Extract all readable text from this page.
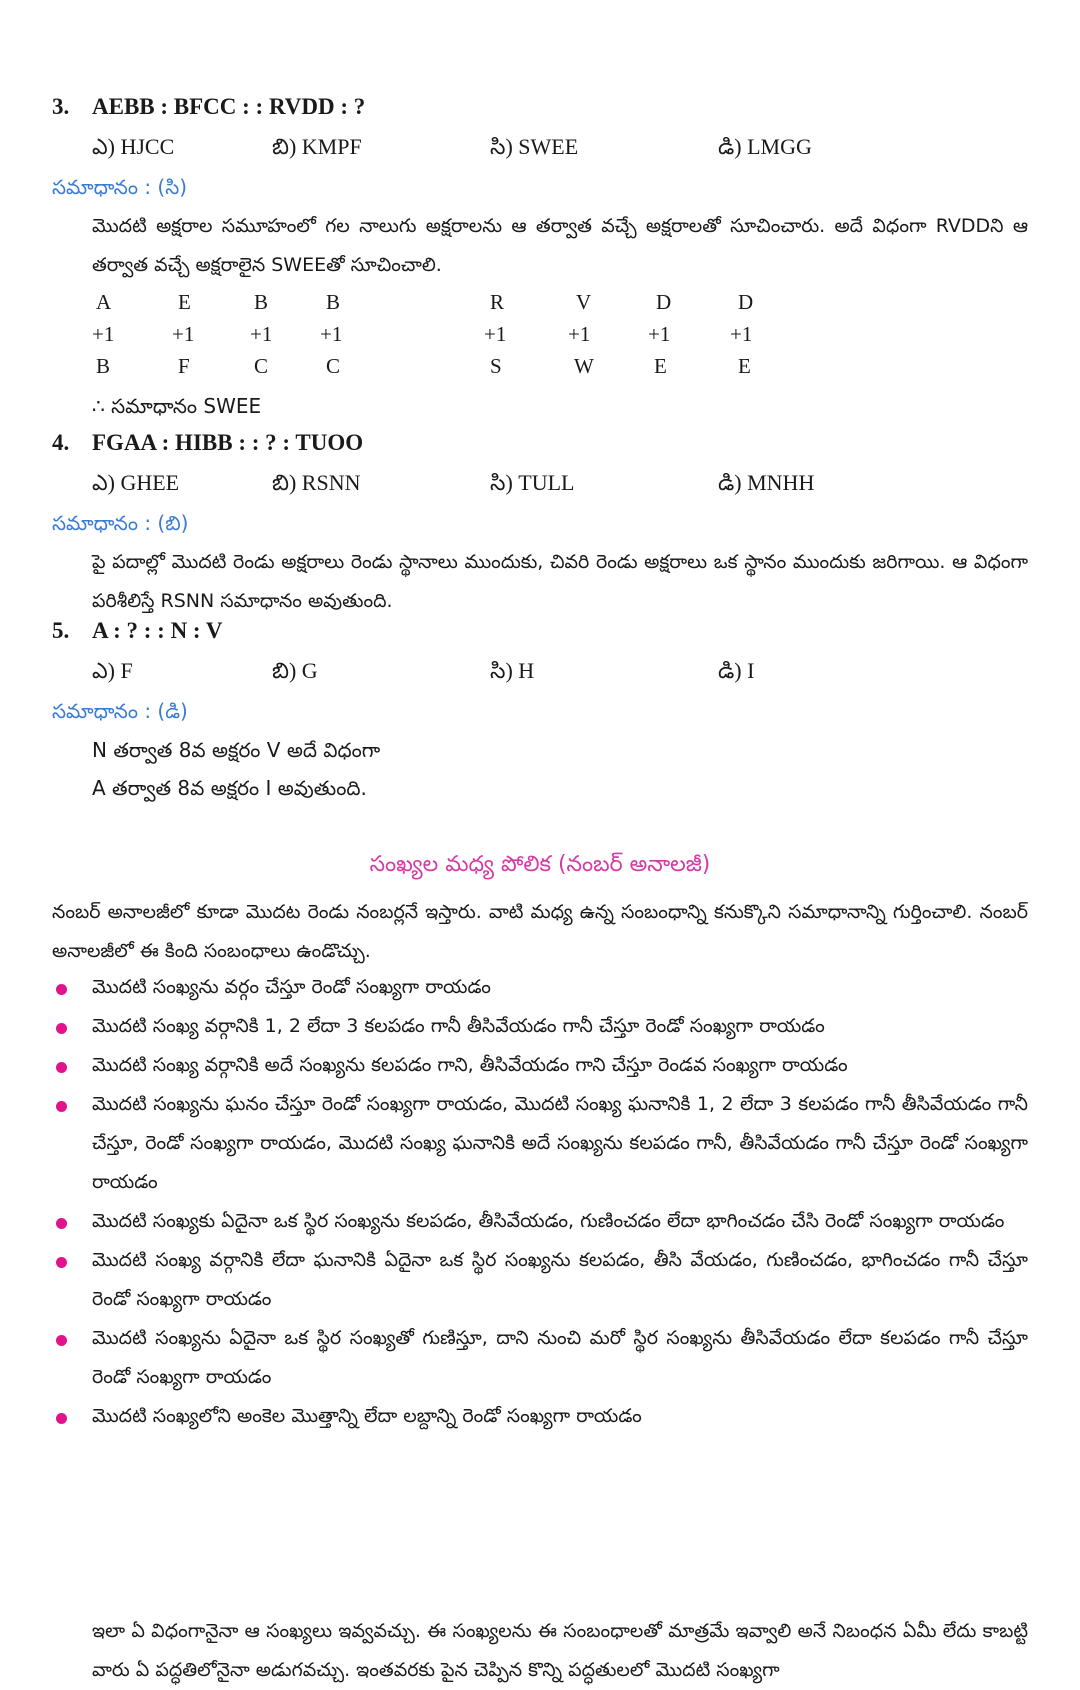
3. AEBB : BFCC : : RVDD : ?
ఎ) HJCC	బి) KMPF	సి) SWEE	డి) LMGG
సమాధానం : (సి)
మొదటి అక్షరాల సమూహంలో గల నాలుగు అక్షరాలను ఆ తర్వాత వచ్చే అక్షరాలతో సూచించారు. అదే విధంగా RVDDని ఆ తర్వాత వచ్చే అక్షరాలైన SWEEతో సూచించాలి.
A	E	B	B	R	V	D	D
+1	+1	+1	+1	+1	+1	+1	+1
B	F	C	C	S	W	E	E
∴ సమాధానం SWEE
4. FGAA : HIBB : : ? : TUOO
ఎ) GHEE	బి) RSNN	సి) TULL	డి) MNHH
సమాధానం : (బి)
పై పదాల్లో మొదటి రెండు అక్షరాలు రెండు స్థానాలు ముందుకు, చివరి రెండు అక్షరాలు ఒక స్థానం ముందుకు జరిగాయి. ఆ విధంగా పరిశీలిస్తే RSNN సమాధానం అవుతుంది.
5. A : ? : : N : V
ఎ) F	బి) G	సి) H	డి) I
సమాధానం : (డి)
N తర్వాత 8వ అక్షరం V అదే విధంగా
A తర్వాత 8వ అక్షరం I అవుతుంది.
సంఖ్యల మధ్య పోలిక (నంబర్ అనాలజీ)
నంబర్ అనాలజీలో కూడా మొదట రెండు నంబర్లనే ఇస్తారు. వాటి మధ్య ఉన్న సంబంధాన్ని కనుక్కొని సమాధానాన్ని గుర్తించాలి. నంబర్ అనాలజీలో ఈ కింది సంబంధాలు ఉండొచ్చు.
మొదటి సంఖ్యను వర్గం చేస్తూ రెండో సంఖ్యగా రాయడం
మొదటి సంఖ్య వర్గానికి 1, 2 లేదా 3 కలపడం గానీ తీసివేయడం గానీ చేస్తూ రెండో సంఖ్యగా రాయడం
మొదటి సంఖ్య వర్గానికి అదే సంఖ్యను కలపడం గాని, తీసివేయడం గాని చేస్తూ రెండవ సంఖ్యగా రాయడం
మొదటి సంఖ్యను ఘనం చేస్తూ రెండో సంఖ్యగా రాయడం, మొదటి సంఖ్య ఘనానికి 1, 2 లేదా 3 కలపడం గానీ తీసివేయడం గానీ చేస్తూ, రెండో సంఖ్యగా రాయడం, మొదటి సంఖ్య ఘనానికి అదే సంఖ్యను కలపడం గానీ, తీసివేయడం గానీ చేస్తూ రెండో సంఖ్యగా రాయడం
మొదటి సంఖ్యకు ఏదైనా ఒక స్థిర సంఖ్యను కలపడం, తీసివేయడం, గుణించడం లేదా భాగించడం చేసి రెండో సంఖ్యగా రాయడం
మొదటి సంఖ్య వర్గానికి లేదా ఘనానికి ఏదైనా ఒక స్థిర సంఖ్యను కలపడం, తీసి వేయడం, గుణించడం, భాగించడం గానీ చేస్తూ రెండో సంఖ్యగా రాయడం
మొదటి సంఖ్యను ఏదైనా ఒక స్థిర సంఖ్యతో గుణిస్తూ, దాని నుంచి మరో స్థిర సంఖ్యను తీసివేయడం లేదా కలపడం గానీ చేస్తూ రెండో సంఖ్యగా రాయడం
మొదటి సంఖ్యలోని అంకెల మొత్తాన్ని లేదా లబ్దాన్ని రెండో సంఖ్యగా రాయడం
ఇలా ఏ విధంగానైనా ఆ సంఖ్యలు ఇవ్వవచ్చు. ఈ సంఖ్యలను ఈ సంబంధాలతో మాత్రమే ఇవ్వాలి అనే నిబంధన ఏమీ లేదు కాబట్టి వారు ఏ పద్ధతిలోనైనా అడుగవచ్చు. ఇంతవరకు పైన చెప్పిన కొన్ని పద్ధతులలో మొదటి సంఖ్యగా
